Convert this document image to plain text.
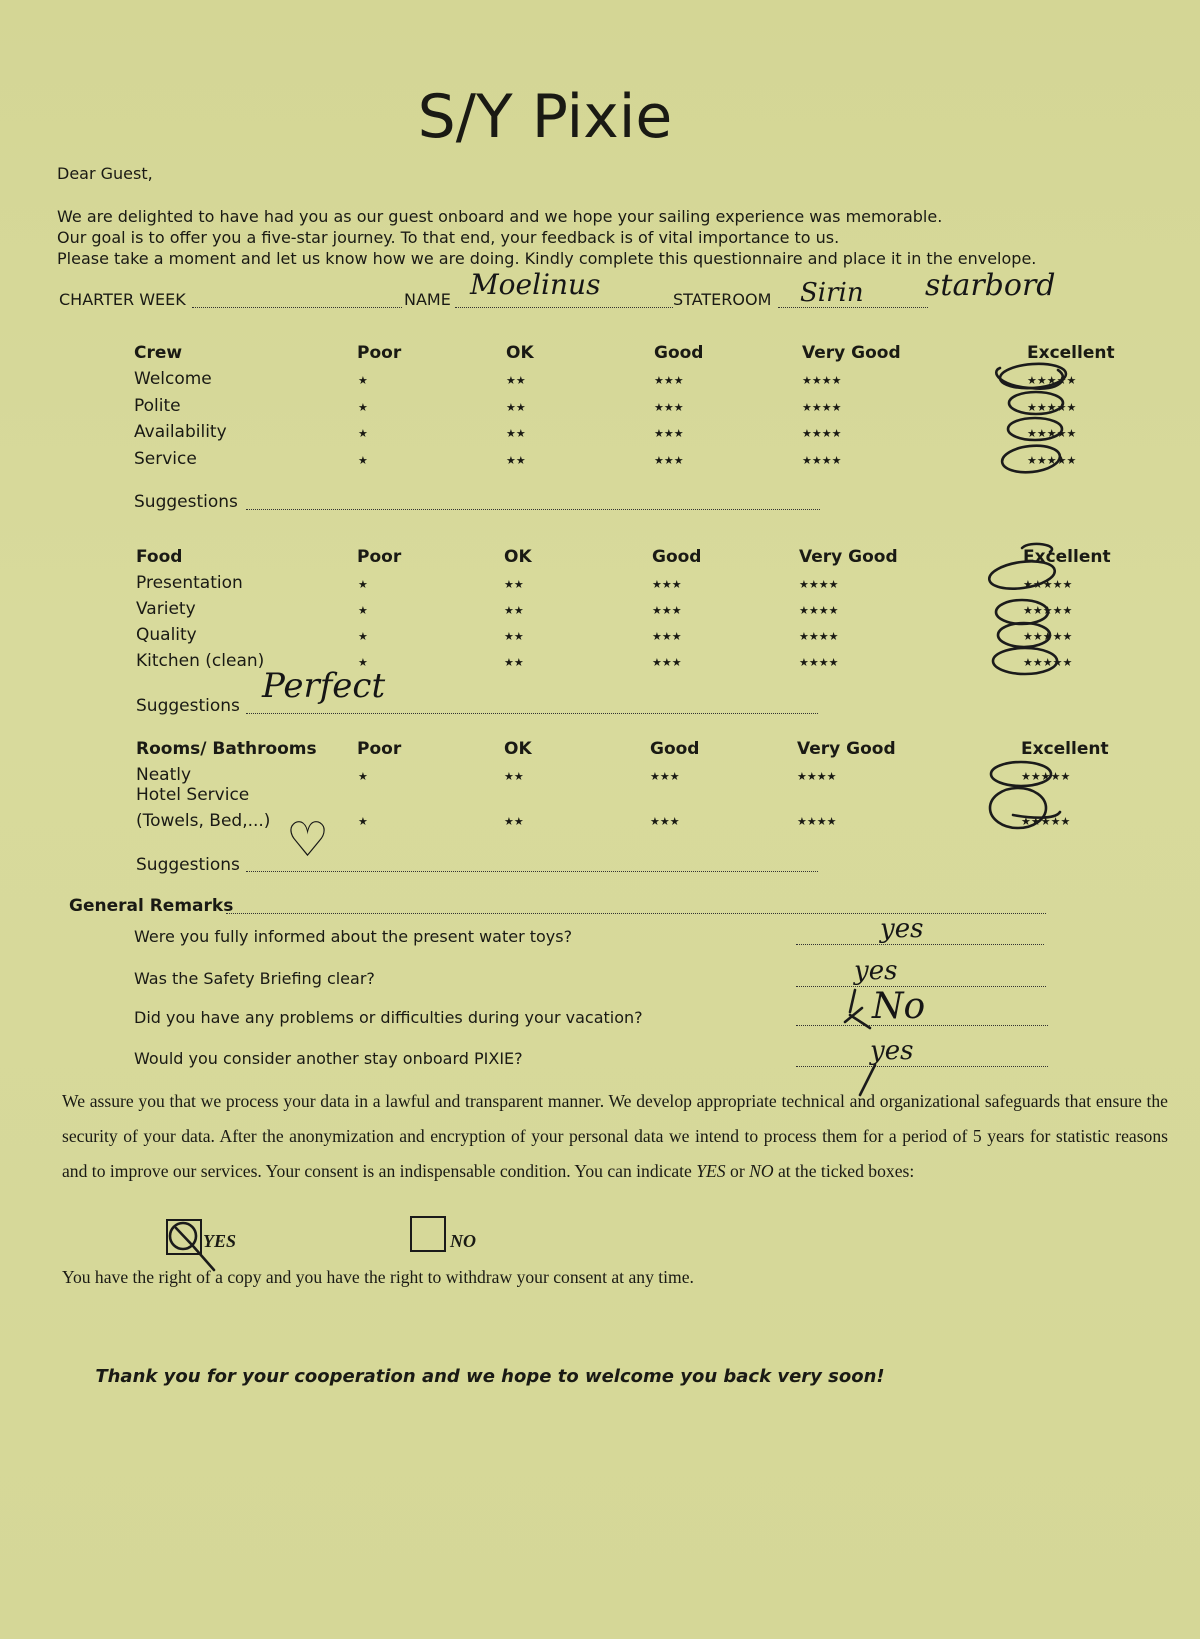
S/Y Pixie
Dear Guest,
We are delighted to have had you as our guest onboard and we hope your sailing experience was memorable.
Our goal is to offer you a five-star journey. To that end, your feedback is of vital importance to us.
Please take a moment and let us know how we are doing. Kindly complete this questionnaire and place it in the envelope.
CHARTER WEEK	NAME Moelinus	STATEROOM Sirin starbord
Crew	Poor	OK	Good	Very Good	Excellent
Welcome	★	★★	★★★	★★★★	★★★★★
Polite	★	★★	★★★	★★★★	★★★★★
Availability	★	★★	★★★	★★★★	★★★★★
Service	★	★★	★★★	★★★★	★★★★★
Suggestions
Food	Poor	OK	Good	Very Good	Excellent
Presentation	★	★★	★★★	★★★★	★★★★★
Variety	★	★★	★★★	★★★★	★★★★★
Quality	★	★★	★★★	★★★★	★★★★★
Kitchen (clean)	★	★★	★★★	★★★★	★★★★★
Suggestions Perfect
Rooms/ Bathrooms Poor	OK	Good	Very Good	Excellent
Neatly	★	★★	★★★	★★★★	★★★★★
Hotel Service
(Towels, Bed,...)	★	★★	★★★	★★★★	★★★★★
Suggestions ♡
General Remarks
Were you fully informed about the present water toys?	yes
Was the Safety Briefing clear?	yes
Did you have any problems or difficulties during your vacation?	No
Would you consider another stay onboard PIXIE?	yes
We assure you that we process your data in a lawful and transparent manner. We develop appropriate technical and organizational safeguards that ensure the security of your data. After the anonymization and encryption of your personal data we intend to process them for a period of 5 years for statistic reasons and to improve our services. Your consent is an indispensable condition. You can indicate YES or NO at the ticked boxes:
YES	NO
You have the right of a copy and you have the right to withdraw your consent at any time.
Thank you for your cooperation and we hope to welcome you back very soon!
